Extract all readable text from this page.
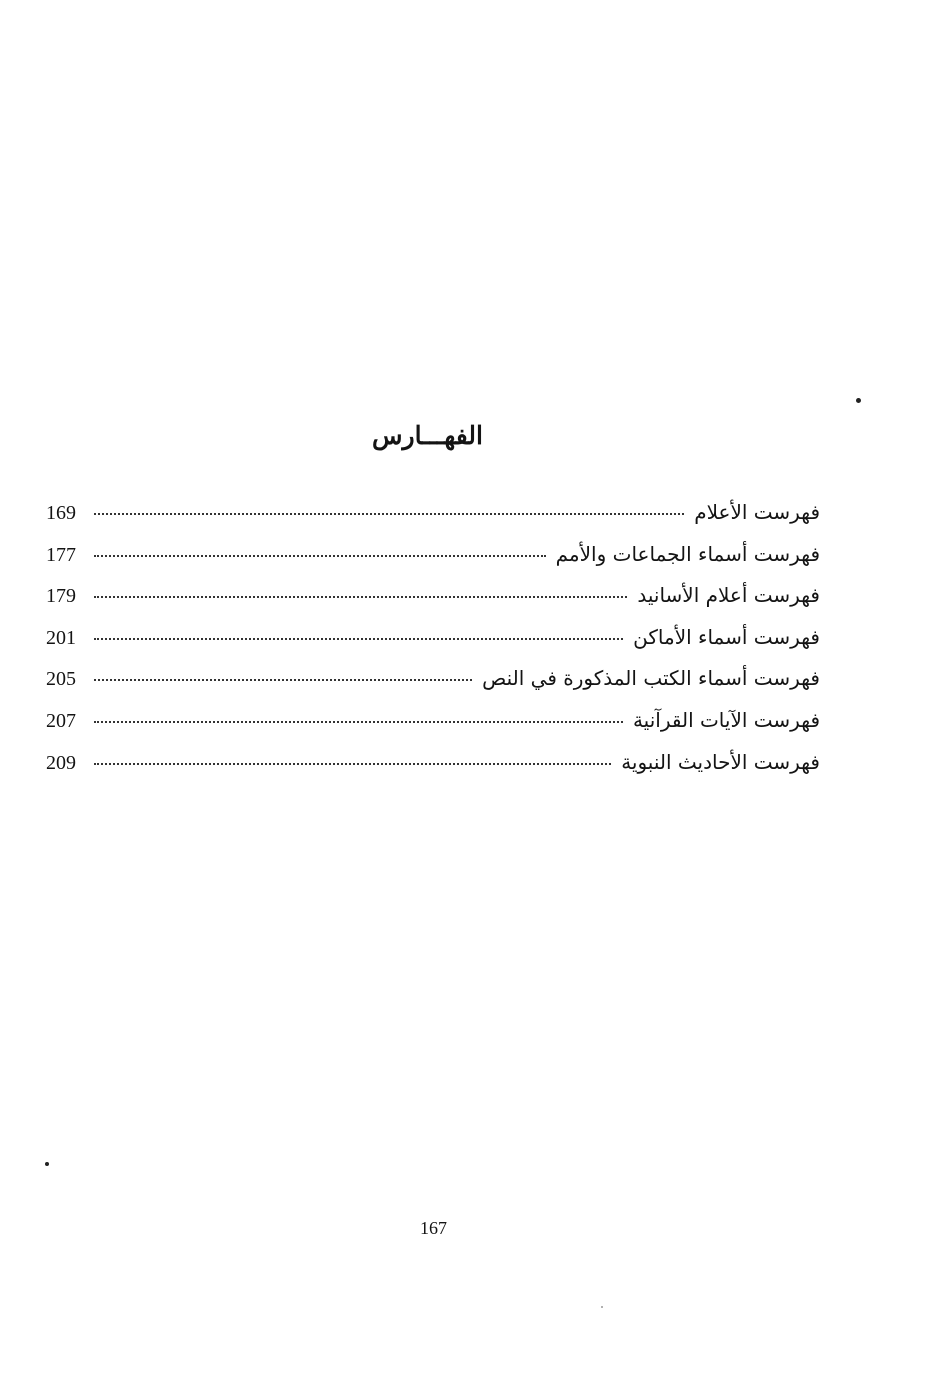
الفهـــارس
فهرست الأعلام
169
فهرست أسماء الجماعات والأمم
177
فهرست أعلام الأسانيد
179
فهرست أسماء الأماكن
201
فهرست أسماء الكتب المذكورة في النص
205
فهرست الآيات القرآنية
207
فهرست الأحاديث النبوية
209
167
